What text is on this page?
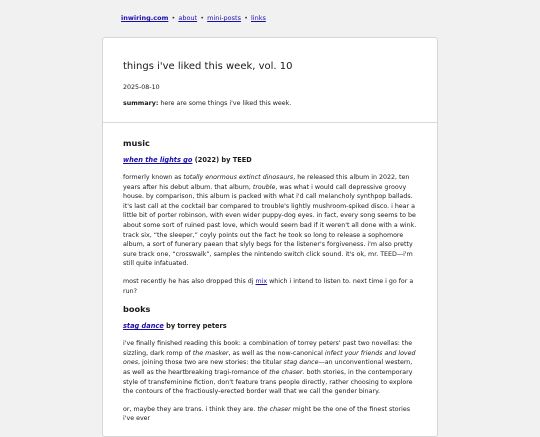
inwiring.com • about • mini-posts • links
things i've liked this week, vol. 10
2025-08-10
summary: here are some things i've liked this week.
music
when the lights go (2022) by TEED

formerly known as totally enormous extinct dinosaurs, he released this album in 2022, ten years after his debut album. that album, trouble, was what i would call depressive groovy house. by comparison, this album is packed with what i'd call melancholy synthpop ballads. it's last call at the cocktail bar compared to trouble's lightly mushroom-spiked disco. i hear a little bit of porter robinson, with even wider puppy-dog eyes. in fact, every song seems to be about some sort of ruined past love, which would seem bad if it weren't all done with a wink. track six, “the sleeper,” coyly points out the fact he took so long to release a sophomore album, a sort of funerary paean that slyly begs for the listener's forgiveness. i'm also pretty sure track one, “crosswalk”, samples the nintendo switch click sound. it's ok, mr. TEED—i'm still quite infatuated.

most recently he has also dropped this dj mix which i intend to listen to. next time i go for a run?

books
stag dance by torrey peters

i've finally finished reading this book: a combination of torrey peters' past two novellas: the sizzling, dark romp of the masker, as well as the now-canonical infect your friends and loved ones, joining those two are new stories: the titular stag dance—an unconventional western, as well as the heartbreaking tragi-romance of the chaser. both stories, in the contemporary style of transfeminine fiction, don't feature trans people directly, rather choosing to explore the contours of the fractiously-erected border wall that we call the gender binary.

or, maybe they are trans. i think they are. the chaser might be the one of the finest stories i've ever
